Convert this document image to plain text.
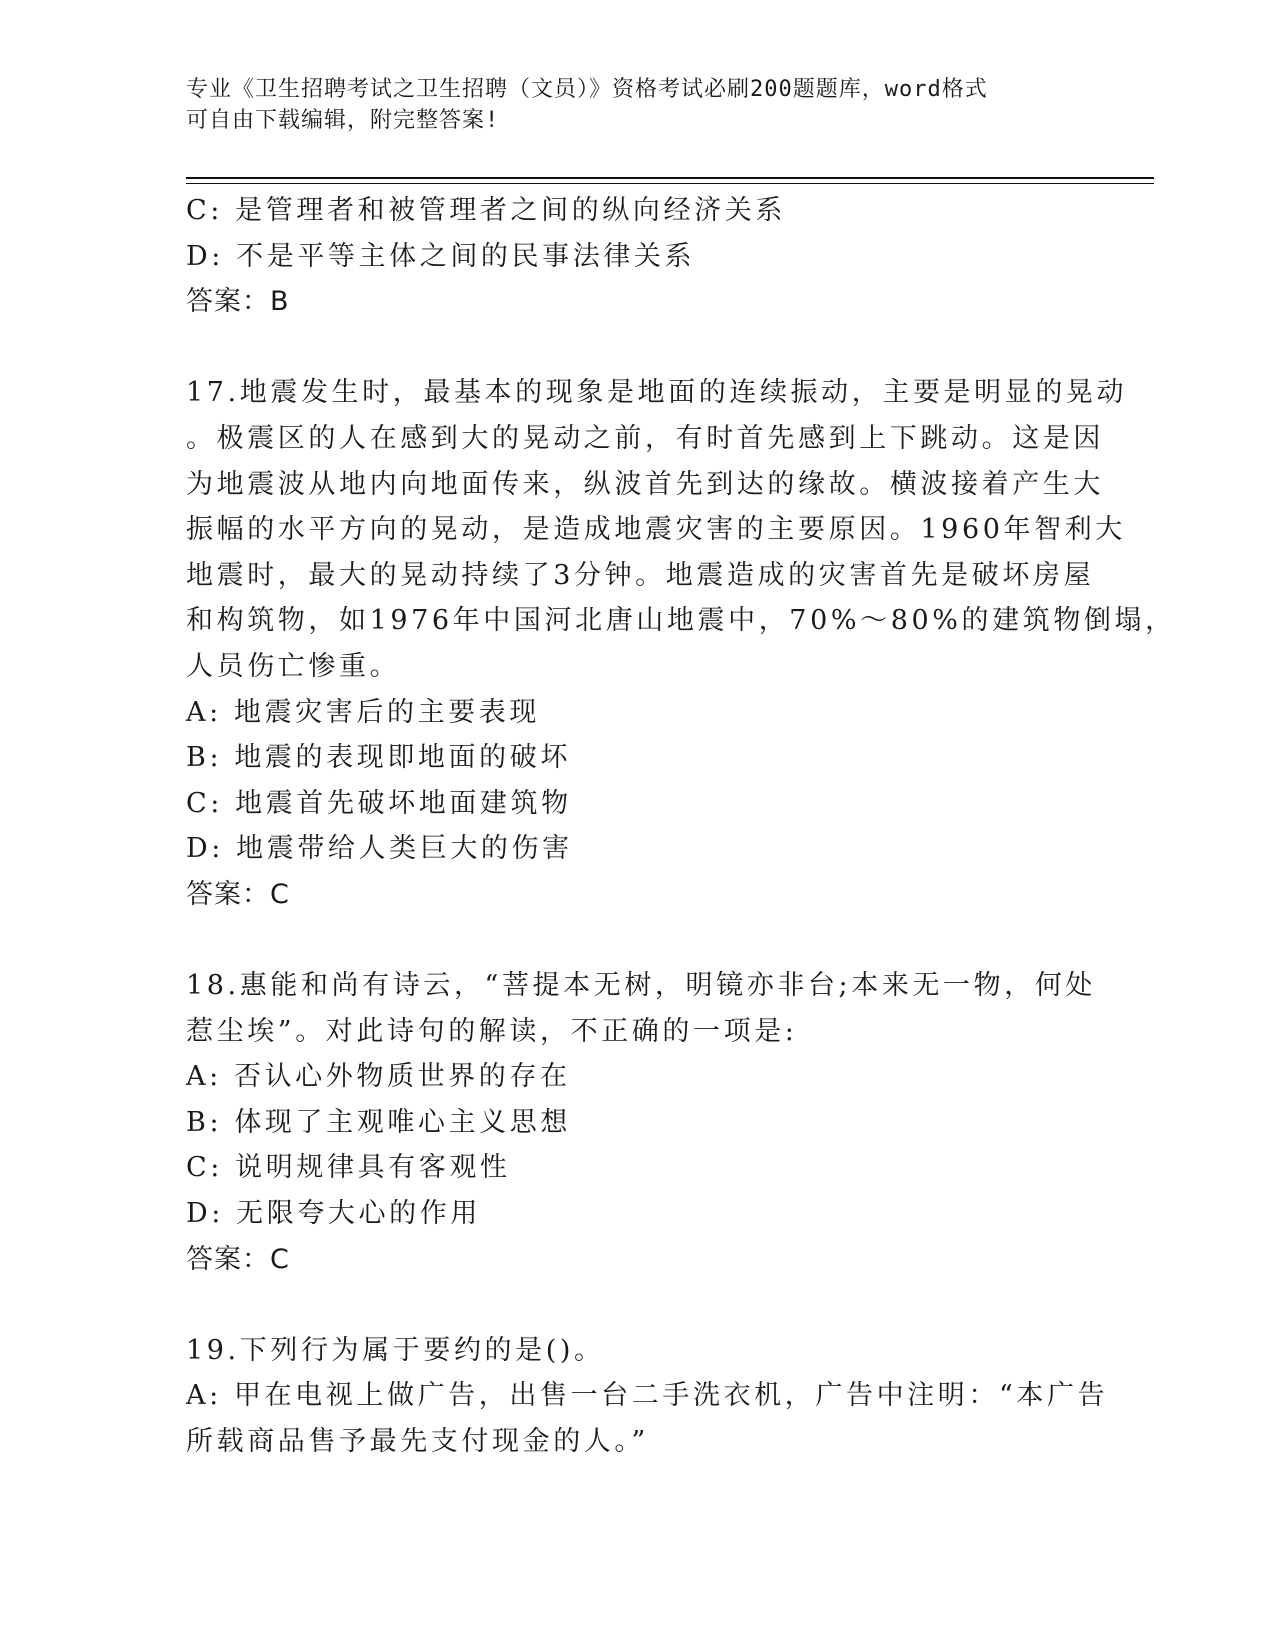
专业《卫生招聘考试之卫生招聘（文员）》资格考试必刷200题题库，word格式

可自由下载编辑，附完整答案!

C: 是管理者和被管理者之间的纵向经济关系
D: 不是平等主体之间的民事法律关系
答案：B
17.地震发生时，最基本的现象是地面的连续振动，主要是明显的晃动
。极震区的人在感到大的晃动之前，有时首先感到上下跳动。这是因
为地震波从地内向地面传来，纵波首先到达的缘故。横波接着产生大
振幅的水平方向的晃动，是造成地震灾害的主要原因。1960年智利大
地震时，最大的晃动持续了3分钟。地震造成的灾害首先是破坏房屋
和构筑物，如1976年中国河北唐山地震中，70%～80%的建筑物倒塌，
人员伤亡惨重。
A: 地震灾害后的主要表现
B: 地震的表现即地面的破坏
C: 地震首先破坏地面建筑物
D: 地震带给人类巨大的伤害
答案：C
18.惠能和尚有诗云，“菩提本无树，明镜亦非台;本来无一物，何处
惹尘埃”。对此诗句的解读，不正确的一项是:
A: 否认心外物质世界的存在
B: 体现了主观唯心主义思想
C: 说明规律具有客观性
D: 无限夸大心的作用
答案：C
19.下列行为属于要约的是()。
A: 甲在电视上做广告，出售一台二手洗衣机，广告中注明：“本广告
所载商品售予最先支付现金的人。”
